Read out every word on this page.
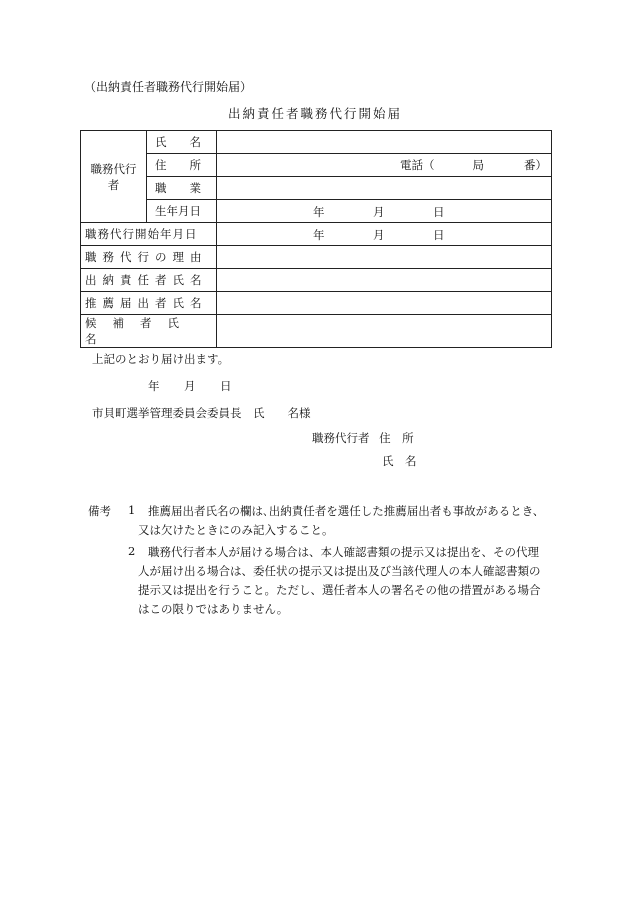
（出納責任者職務代行開始届）
出納責任者職務代行開始届
職務代行者	氏　　名	
	住　　所	電話（ 局 番）

	職　　業	
	生年月日	年 月 日

職務代行開始年月日		年 月 日

職務代行の理由		
出納責任者氏名		
推薦届出者氏名		
候補者氏名		
上記のとおり届け出ます。
年 月 日
市貝町選挙管理委員会委員長　氏　　名様
職務代行者 住　所
氏　名
備考 1 推薦届出者氏名の欄は､出納責任者を選任した推薦届出者も事故があるとき、
又は欠けたときにのみ記入すること。
2 職務代行者本人が届ける場合は、本人確認書類の提示又は提出を、その代理
人が届け出る場合は、委任状の提示又は提出及び当該代理人の本人確認書類の
提示又は提出を行うこと。ただし、選任者本人の署名その他の措置がある場合
はこの限りではありません。
